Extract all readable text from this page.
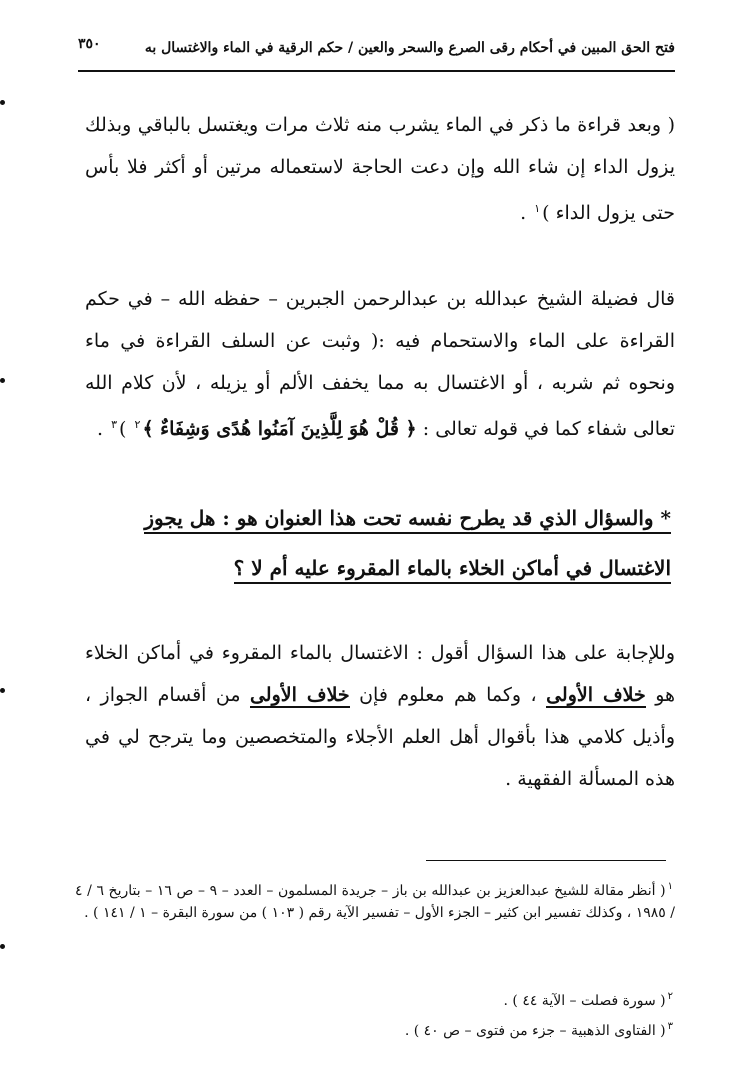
فتح الحق المبين في أحكام رقى الصرع والسحر والعين / حكم الرقية في الماء والاغتسال به
٣٥٠

( وبعد قراءة ما ذكر في الماء يشرب منه ثلاث مرات ويغتسل بالباقي وبذلك يزول الداء إن شاء الله وإن دعت الحاجة لاستعماله مرتين أو أكثر فلا بأس حتى يزول الداء )$^١$ .

قال فضيلة الشيخ عبدالله بن عبدالرحمن الجبرين – حفظه الله – في حكم القراءة على الماء والاستحمام فيه :( وثبت عن السلف القراءة في ماء ونحوه ثم شربه ، أو الاغتسال به مما يخفف الألم أو يزيله ، لأن كلام الله تعالى شفاء كما في قوله تعالى : ﴿ قُلْ هُوَ لِلَّذِينَ آمَنُوا هُدًى وَشِفَاءٌ ﴾$^٢$ )$^٣$ .

* والسؤال الذي قد يطرح نفسه تحت هذا العنوان هو : هل يجوز
الاغتسال في أماكن الخلاء بالماء المقروء عليه أم لا ؟

وللإجابة على هذا السؤال أقول : الاغتسال بالماء المقروء في أماكن الخلاء هو خلاف الأولى ، وكما هم معلوم فإن خلاف الأولى من أقسام الجواز ، وأذيل كلامي هذا بأقوال أهل العلم الأجلاء والمتخصصين وما يترجح لي في هذه المسألة الفقهية .

$^١$( أنظر مقالة للشيخ عبدالعزيز بن عبدالله بن باز – جريدة المسلمون – العدد – ٩ – ص ١٦ – بتاريخ ٦ / ٤ / ١٩٨٥ ، وكذلك تفسير ابن كثير – الجزء الأول – تفسير الآية رقم ( ١٠٣ ) من سورة البقرة – ١ / ١٤١ ) .

$^٢$( سورة فصلت – الآية ٤٤ ) .

$^٣$( الفتاوى الذهبية – جزء من فتوى – ص ٤٠ ) .
